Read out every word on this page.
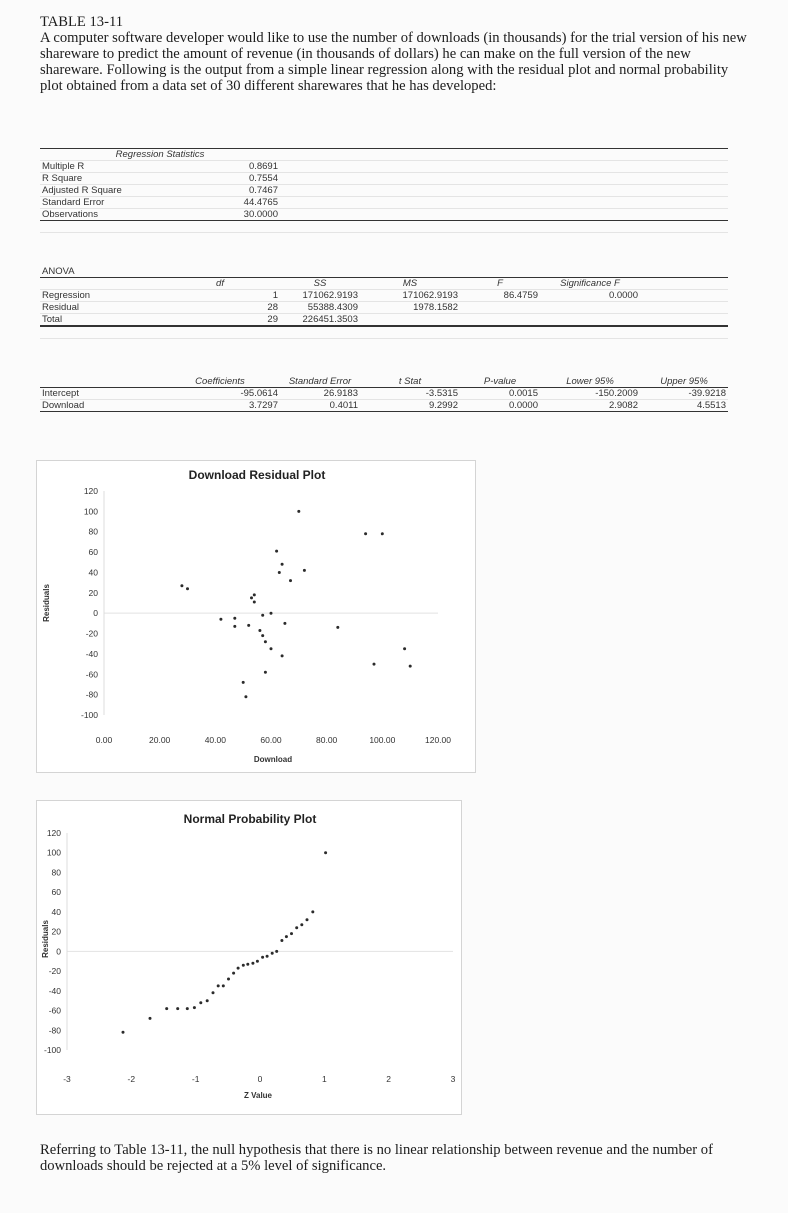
TABLE 13-11
A computer software developer would like to use the number of downloads (in thousands) for the trial version of his new shareware to predict the amount of revenue (in thousands of dollars) he can make on the full version of the new shareware. Following is the output from a simple linear regression along with the residual plot and normal probability plot obtained from a data set of 30 different sharewares that he has developed:
Regression Statistics						
Multiple R	0.8691					
R Square	0.7554					
Adjusted R Square	0.7467					
Standard Error	44.4765					
Observations	30.0000					

ANOVA						
	df	SS	MS	F	Significance F	
Regression	1	171062.9193	171062.9193	86.4759	0.0000	
Residual	28	55388.4309	1978.1582			
Total	29	226451.3503				

	Coefficients	Standard Error	t Stat	P-value	Lower 95%	Upper 95%
Intercept	-95.0614	26.9183	-3.5315	0.0015	-150.2009	-39.9218
Download	3.7297	0.4011	9.2992	0.0000	2.9082	4.5513
Download Residual Plot
120
100
80
60
40
20
0
-20
-40
-60
-80
-100
0.00	20.00	40.00	60.00	80.00	100.00	120.00
Download
Residuals
Normal Probability Plot
120
100
80
60
40
20
0
-20
-40
-60
-80
-100
-3	-2	-1	0	1	2	3
Z Value
Residuals
Referring to Table 13-11, the null hypothesis that there is no linear relationship between revenue and the number of downloads should be rejected at a 5% level of significance.
